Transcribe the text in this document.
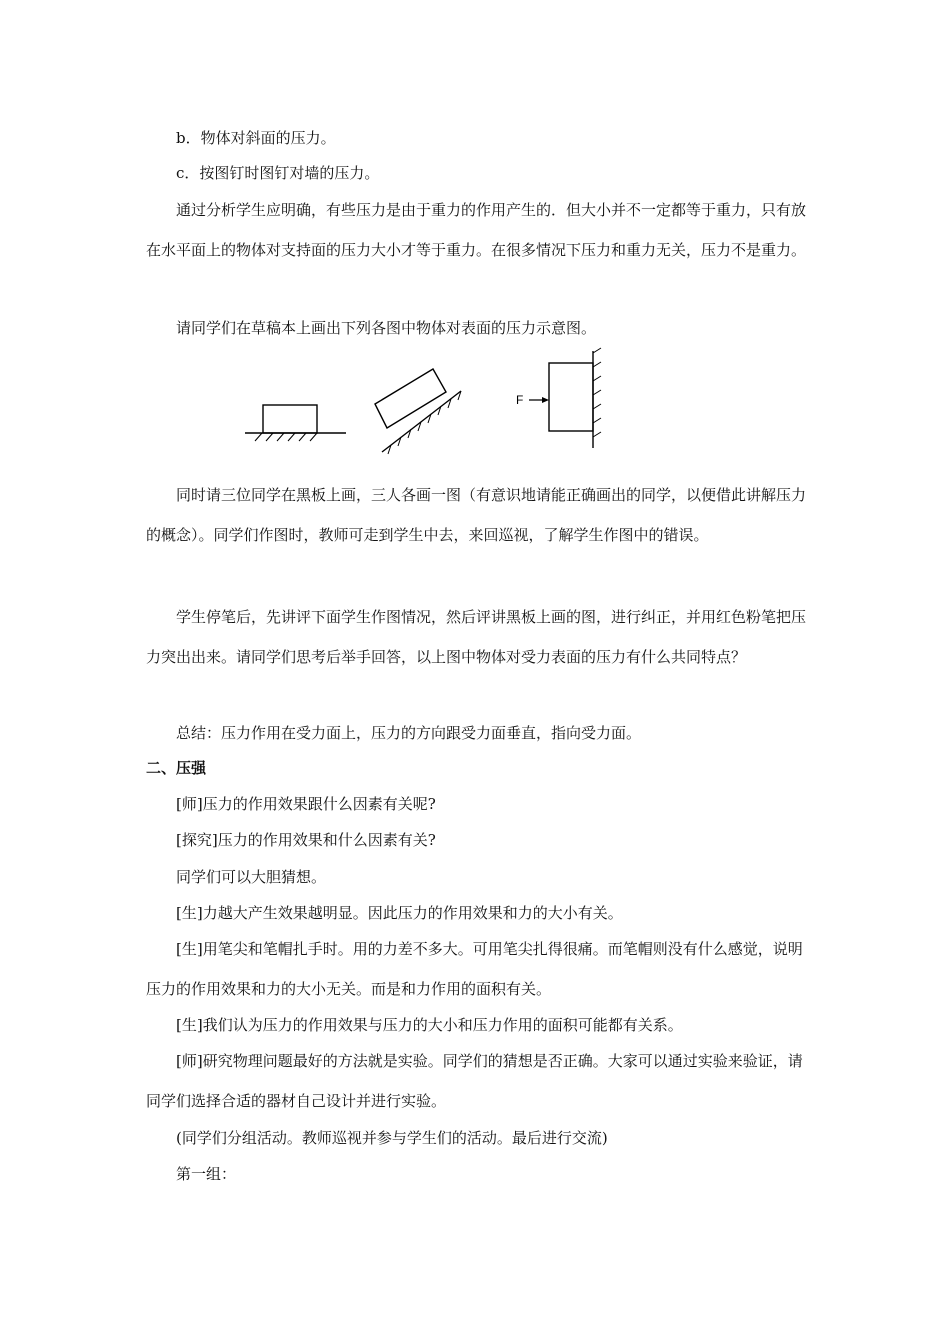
b．物体对斜面的压力。

c．按图钉时图钉对墙的压力。

通过分析学生应明确，有些压力是由于重力的作用产生的．但大小并不一定都等于重力，只有放在水平面上的物体对支持面的压力大小才等于重力。在很多情况下压力和重力无关，压力不是重力。

请同学们在草稿本上画出下列各图中物体对表面的压力示意图。

F

同时请三位同学在黑板上画，三人各画一图（有意识地请能正确画出的同学，以便借此讲解压力的概念）。同学们作图时，教师可走到学生中去，来回巡视，了解学生作图中的错误。

学生停笔后，先讲评下面学生作图情况，然后评讲黑板上画的图，进行纠正，并用红色粉笔把压力突出出来。请同学们思考后举手回答，以上图中物体对受力表面的压力有什么共同特点？

总结：压力作用在受力面上，压力的方向跟受力面垂直，指向受力面。

二、压强

[师]压力的作用效果跟什么因素有关呢?

[探究]压力的作用效果和什么因素有关?

同学们可以大胆猜想。

[生]力越大产生效果越明显。因此压力的作用效果和力的大小有关。

[生]用笔尖和笔帽扎手时。用的力差不多大。可用笔尖扎得很痛。而笔帽则没有什么感觉，说明压力的作用效果和力的大小无关。而是和力作用的面积有关。

[生]我们认为压力的作用效果与压力的大小和压力作用的面积可能都有关系。

[师]研究物理问题最好的方法就是实验。同学们的猜想是否正确。大家可以通过实验来验证，请同学们选择合适的器材自己设计并进行实验。

(同学们分组活动。教师巡视并参与学生们的活动。最后进行交流)

第一组：
